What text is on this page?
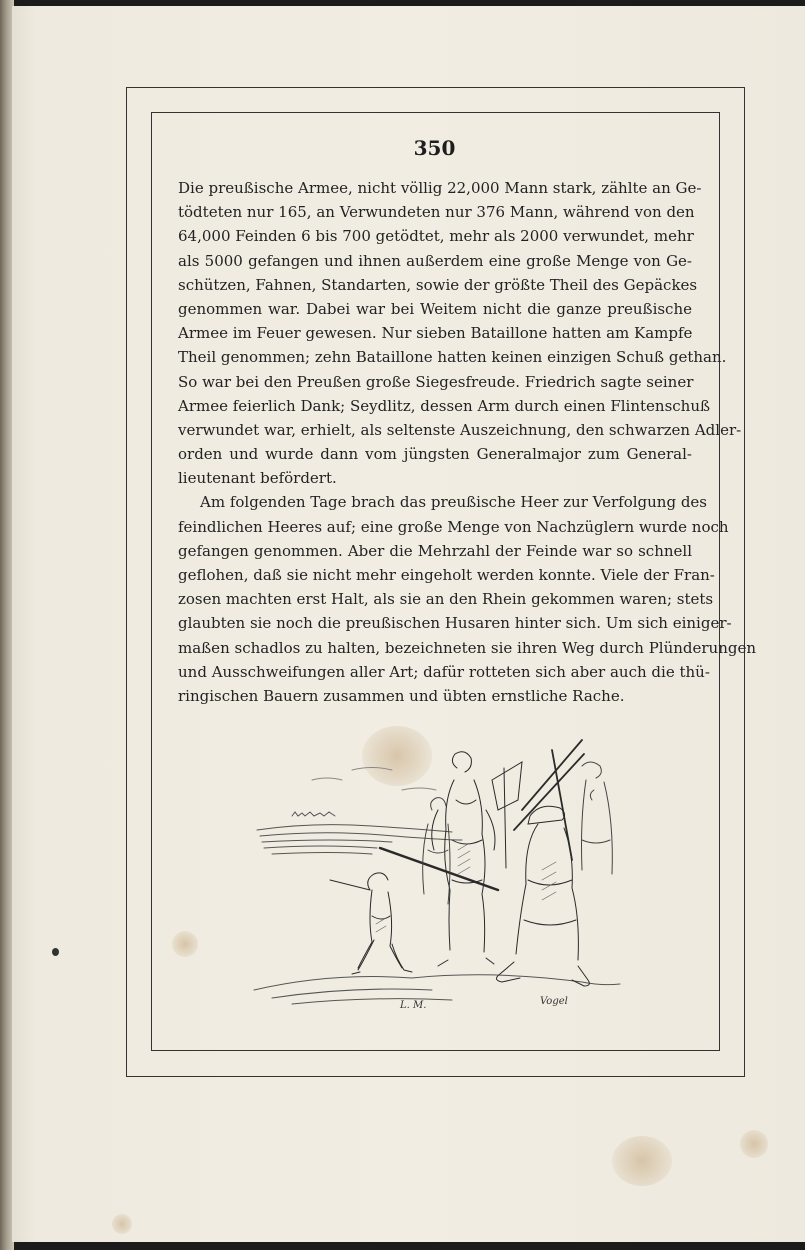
350
Die preußische Armee, nicht völlig 22,000 Mann stark, zählte an Ge-
tödteten nur 165, an Verwundeten nur 376 Mann, während von den
64,000 Feinden 6 bis 700 getödtet, mehr als 2000 verwundet, mehr
als 5000 gefangen und ihnen außerdem eine große Menge von Ge-
schützen, Fahnen, Standarten, sowie der größte Theil des Gepäckes
genommen war. Dabei war bei Weitem nicht die ganze preußische
Armee im Feuer gewesen. Nur sieben Bataillone hatten am Kampfe
Theil genommen; zehn Bataillone hatten keinen einzigen Schuß gethan.
So war bei den Preußen große Siegesfreude. Friedrich sagte seiner
Armee feierlich Dank; Seydlitz, dessen Arm durch einen Flintenschuß
verwundet war, erhielt, als seltenste Auszeichnung, den schwarzen Adler-
orden und wurde dann vom jüngsten Generalmajor zum General-
lieutenant befördert.
Am folgenden Tage brach das preußische Heer zur Verfolgung des
feindlichen Heeres auf; eine große Menge von Nachzüglern wurde noch
gefangen genommen. Aber die Mehrzahl der Feinde war so schnell
geflohen, daß sie nicht mehr eingeholt werden konnte. Viele der Fran-
zosen machten erst Halt, als sie an den Rhein gekommen waren; stets
glaubten sie noch die preußischen Husaren hinter sich. Um sich einiger-
maßen schadlos zu halten, bezeichneten sie ihren Weg durch Plünderungen
und Ausschweifungen aller Art; dafür rotteten sich aber auch die thü-
ringischen Bauern zusammen und übten ernstliche Rache.
L. M.	Vogel
